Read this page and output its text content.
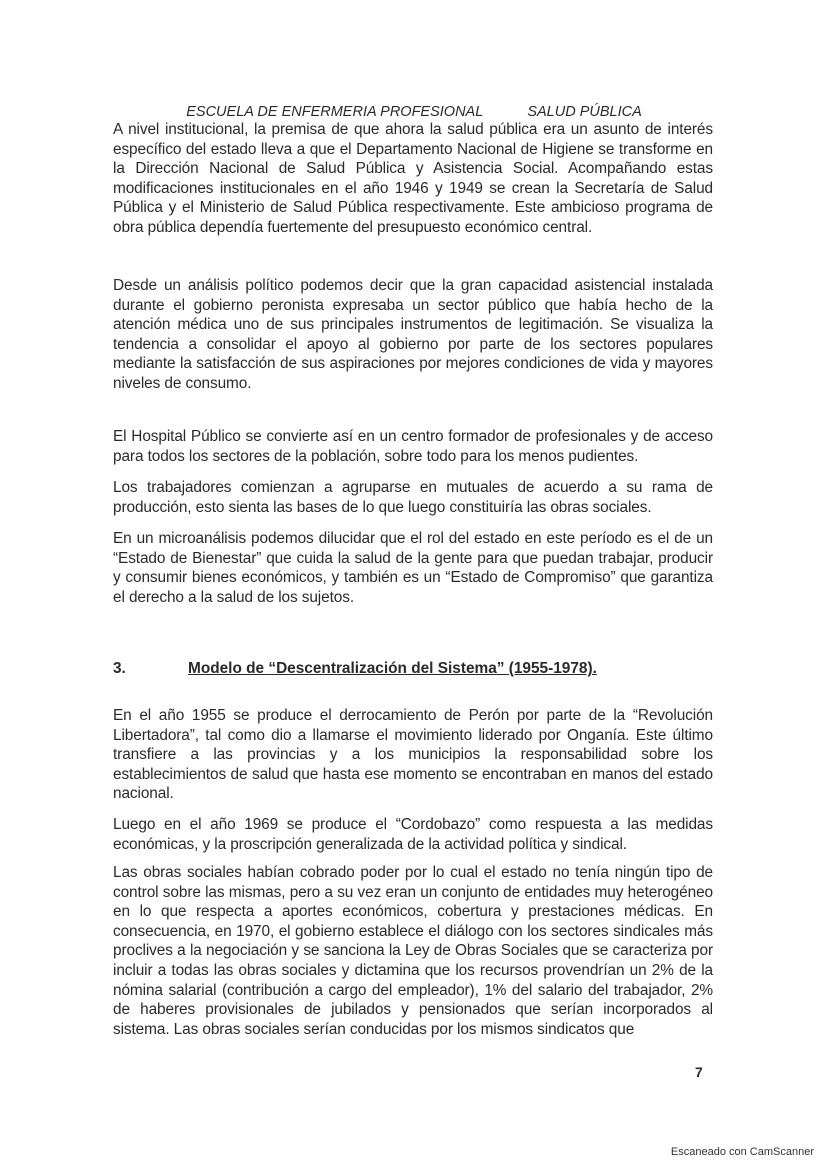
ESCUELA DE ENFERMERIA PROFESIONAL	SALUD PÚBLICA

A nivel institucional, la premisa de que ahora la salud pública era un asunto de interés específico del estado lleva a que el Departamento Nacional de Higiene se transforme en la Dirección Nacional de Salud Pública y Asistencia Social. Acompañando estas modificaciones institucionales en el año 1946 y 1949 se crean la Secretaría de Salud Pública y el Ministerio de Salud Pública respectivamente. Este ambicioso programa de obra pública dependía fuertemente del presupuesto económico central.

Desde un análisis político podemos decir que la gran capacidad asistencial instalada durante el gobierno peronista expresaba un sector público que había hecho de la atención médica uno de sus principales instrumentos de legitimación. Se visualiza la tendencia a consolidar el apoyo al gobierno por parte de los sectores populares mediante la satisfacción de sus aspiraciones por mejores condiciones de vida y mayores niveles de consumo.

El Hospital Público se convierte así en un centro formador de profesionales y de acceso para todos los sectores de la población, sobre todo para los menos pudientes.

Los trabajadores comienzan a agruparse en mutuales de acuerdo a su rama de producción, esto sienta las bases de lo que luego constituiría las obras sociales.

En un microanálisis podemos dilucidar que el rol del estado en este período es el de un “Estado de Bienestar” que cuida la salud de la gente para que puedan trabajar, producir y consumir bienes económicos, y también es un “Estado de Compromiso” que garantiza el derecho a la salud de los sujetos.

3.	Modelo de “Descentralización del Sistema” (1955-1978).

En el año 1955 se produce el derrocamiento de Perón por parte de la “Revolución Libertadora”, tal como dio a llamarse el movimiento liderado por Onganía. Este último transfiere a las provincias y a los municipios la responsabilidad sobre los establecimientos de salud que hasta ese momento se encontraban en manos del estado nacional.

Luego en el año 1969 se produce el “Cordobazo” como respuesta a las medidas económicas, y la proscripción generalizada de la actividad política y sindical.

Las obras sociales habían cobrado poder por lo cual el estado no tenía ningún tipo de control sobre las mismas, pero a su vez eran un conjunto de entidades muy heterogéneo en lo que respecta a aportes económicos, cobertura y prestaciones médicas. En consecuencia, en 1970, el gobierno establece el diálogo con los sectores sindicales más proclives a la negociación y se sanciona la Ley de Obras Sociales que se caracteriza por incluir a todas las obras sociales y dictamina que los recursos provendrían un 2% de la nómina salarial (contribución a cargo del empleador), 1% del salario del trabajador, 2% de haberes provisionales de jubilados y pensionados que serían incorporados al sistema. Las obras sociales serían conducidas por los mismos sindicatos que

7
Escaneado con CamScanner
